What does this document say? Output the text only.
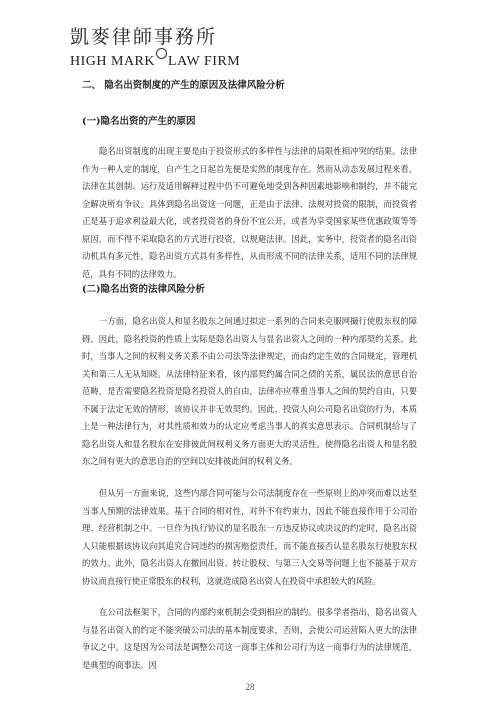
凱麥律師事務所
HIGH MARK LAW FIRM
二、 隐名出资制度的产生的原因及法律风险分析
(一)隐名出资的产生的原因

隐名出资制度的出现主要是由于投资形式的多样性与法律的局限性相冲突的结果。法律作为一种人定的制度，自产生之日起首先便是实然的制度存在。然而从动态发展过程来看，法律在其创制、运行及适用解释过程中仍不可避免地受到各种因素地影响和制约，并不能完全解决所有争议。具体到隐名出资这一问题，正是由于法律、法规对投资的限制，而投资者正是基于追求利益最大化，或者投资者的身份不宜公开，或者为享受国家某些优惠政策等等原因，而不得不采取隐名的方式进行投资，以规避法律。因此，实务中，投资者的隐名出资动机具有多元性，隐名出资方式具有多样性，从而形成不同的法律关系，适用不同的法律规范，具有不同的法律效力。

(二)隐名出资的法律风险分析

一方面，隐名出资人和显名股东之间通过拟定一系列的合同来克服网撮行使股东权的障碍。因此，隐名投资的性质上实际是隐名出资人与显名出资人之间的一种内部契约关系。此时，当事人之间的权利义务关系不由公司法等法律规定，而由约定生效的合同规定，管理机关和第三人无从知晓。从法律特征来看，该内部契约属合同之债的关系，属民法的意思自治范畴，是否需要隐名投资是隐名投资人的自由，法律亦应尊重当事人之间的契约自由，只要不属于法定无效的情形，该协议并非无效契约。因此，投资人向公司隐名出资的行为，本质上是一种法律行为，对其性质和效力的认定应考虑当事人的真实意思表示。合同机制给与了隐名出资人和显名股东在安排彼此间权利义务方面更大的灵活性。使得隐名出资人和显名股东之间有更大的意思自治的空间以安排彼此间的权利义务。

但从另一方面来说，这些内部合同可能与公司法制度存在一些原则上的冲突而难以达至当事人预期的法律效果。基于合同的相对性，对外不有约束力，因此不能直接作用于公司治理、经营机制之中。一旦作为执行协议的显名股东一方违反协议或决议的约定时，隐名出资人只能根据该协议向其追究合同违约的损害赔偿责任，而不能直接否认显名股东行使股东权的效力。此外，隐名出资人在撤回出资、转让股权、与第三人交易等问题上也不能基于双方协议而直接行使正常股东的权利，这就造成隐名出资人在投资中承担较大的风险。

在公司法框架下，合同的内部约束机制会受到相应的制约。很多学者指出，隐名出资人与显名出资人的约定不能突破公司法的基本制度要求，否则，会使公司运营陷入更大的法律争议之中。这是因为公司法是调整公司这一商事主体和公司行为这一商事行为的法律规范，是典型的商事法。因

28
